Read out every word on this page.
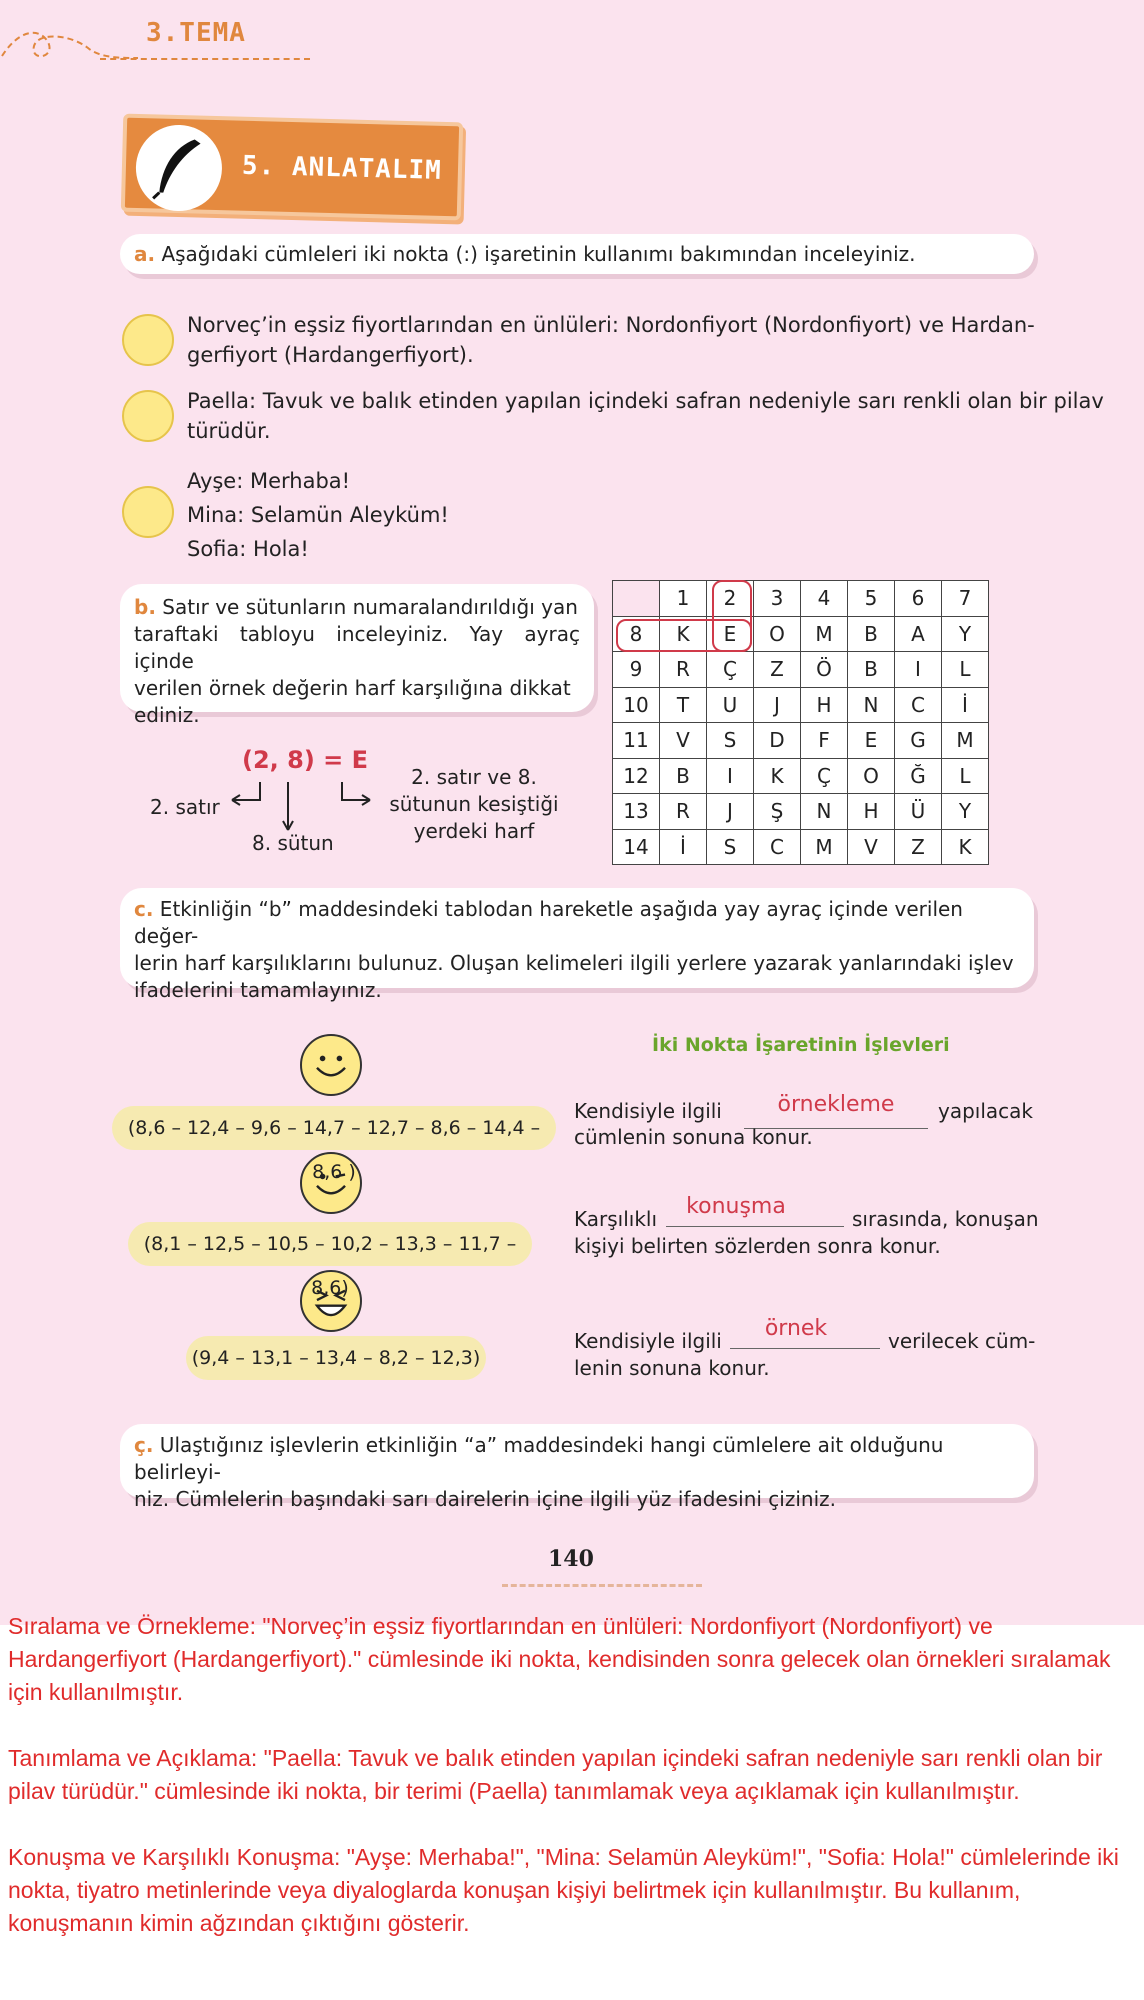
3.TEMA
5. ANLATALIM
a. Aşağıdaki cümleleri iki nokta (:) işaretinin kullanımı bakımından inceleyiniz.
Norveç’in eşsiz fiyortlarından en ünlüleri: Nordonfiyort (Nordonfiyort) ve Hardan-
gerfiyort (Hardangerfiyort).
Paella: Tavuk ve balık etinden yapılan içindeki safran nedeniyle sarı renkli olan bir pilav
türüdür.
Ayşe: Merhaba!
Mina: Selamün Aleyküm!
Sofia: Hola!
b. Satır ve sütunların numaralandırıldığı yan
taraftaki tabloyu inceleyiniz. Yay ayraç içinde
verilen örnek değerin harf karşılığına dikkat
ediniz.
(2, 8) = E
2. satır
8. sütun
2. satır ve 8.
sütunun kesiştiği
yerdeki harf
	1	2	3	4	5	6	7
8	K	E	O	M	B	A	Y
9	R	Ç	Z	Ö	B	I	L
10	T	U	J	H	N	C	İ
11	V	S	D	F	E	G	M
12	B	I	K	Ç	O	Ğ	L
13	R	J	Ş	N	H	Ü	Y
14	İ	S	C	M	V	Z	K
c. Etkinliğin “b” maddesindeki tablodan hareketle aşağıda yay ayraç içinde verilen değer-
lerin harf karşılıklarını bulunuz. Oluşan kelimeleri ilgili yerlere yazarak yanlarındaki işlev
ifadelerini tamamlayınız.
İki Nokta İşaretinin İşlevleri
(8,6 – 12,4 – 9,6 – 14,7 – 12,7 – 8,6 – 14,4 – 8,6 )
(8,1 – 12,5 – 10,5 – 10,2 – 13,3 – 11,7 – 8,6)
(9,4 – 13,1 – 13,4 – 8,2 – 12,3)
Kendisiyle ilgili	örnekleme	yapılacak
cümlenin sonuna konur.
Karşılıklı	konuşma	sırasında, konuşan
kişiyi belirten sözlerden sonra konur.
Kendisiyle ilgili	örnek	verilecek cüm-
lenin sonuna konur.
ç. Ulaştığınız işlevlerin etkinliğin “a” maddesindeki hangi cümlelere ait olduğunu belirleyi-
niz. Cümlelerin başındaki sarı dairelerin içine ilgili yüz ifadesini çiziniz.
140

Sıralama ve Örnekleme: "Norveç’in eşsiz fiyortlarından en ünlüleri: Nordonfiyort (Nordonfiyort) ve Hardangerfiyort (Hardangerfiyort)." cümlesinde iki nokta, kendisinden sonra gelecek olan örnekleri sıralamak için kullanılmıştır.

Tanımlama ve Açıklama: "Paella: Tavuk ve balık etinden yapılan içindeki safran nedeniyle sarı renkli olan bir pilav türüdür." cümlesinde iki nokta, bir terimi (Paella) tanımlamak veya açıklamak için kullanılmıştır.

Konuşma ve Karşılıklı Konuşma: "Ayşe: Merhaba!", "Mina: Selamün Aleyküm!", "Sofia: Hola!" cümlelerinde iki nokta, tiyatro metinlerinde veya diyaloglarda konuşan kişiyi belirtmek için kullanılmıştır. Bu kullanım, konuşmanın kimin ağzından çıktığını gösterir.
